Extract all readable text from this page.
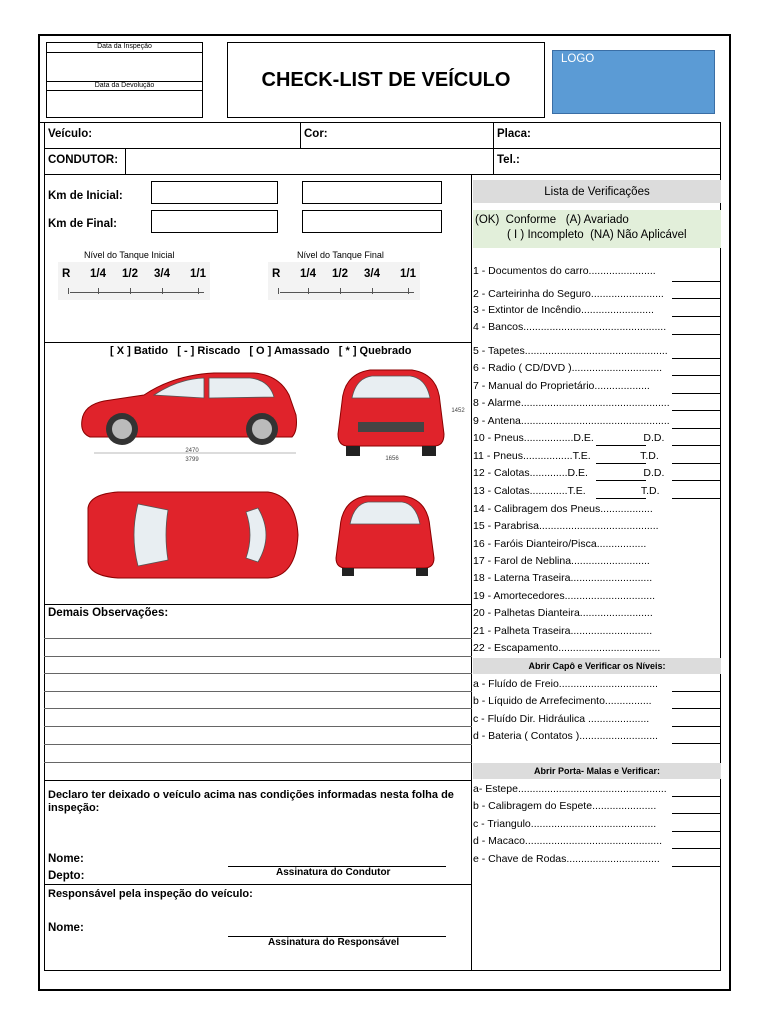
Data da Inspeção
Data da Devolução	CHECK-LIST DE VEÍCULO
LOGO
Veículo:	Cor:	Placa:
CONDUTOR:	Tel.:
Km de Inicial:
Km de Final:
Nível do Tanque Inicial	Nível do Tanque Final
R 1/4 1/2 3/4 1/1	R 1/4 1/2 3/4 1/1
[ X ] Batido   [ - ] Riscado   [ O ] Amassado   [ * ] Quebrado
2470
3799
1452
1656
Demais Observações:
Declaro ter deixado o veículo acima nas condições informadas nesta folha de inspeção:
Nome:
Depto:	Assinatura do Condutor
Responsável pela inspeção do veículo:
Nome:
Assinatura do Responsável
Lista de Verificações
(OK)  Conforme   (A) Avariado
( I ) Incompleto  (NA) Não Aplicável
1 - Documentos do carro.......................
2 - Carteirinha do Seguro.........................
3 - Extintor de Incêndio.........................
4 - Bancos.................................................
5 - Tapetes.................................................
6 - Radio ( CD/DVD )...............................
7 - Manual do Proprietário...................
8 - Alarme...................................................
9 - Antena...................................................
10 - Pneus.................D.E.                 D.D.
11 - Pneus.................T.E.                 T.D.
12 - Calotas.............D.E.                   D.D.
13 - Calotas.............T.E.                   T.D.
14 - Calibragem dos Pneus..................
15 - Parabrisa.........................................
16 - Faróis Dianteiro/Pisca.................
17 - Farol de Neblina...........................
18 - Laterna Traseira............................
19 - Amortecedores...............................
20 - Palhetas Dianteira.........................
21 - Palheta Traseira............................
22 - Escapamento...................................
Abrir Capô e Verificar os Níveis:
a - Fluído de Freio..................................
b - Líquido de Arrefecimento................
c - Fluído Dir. Hidráulica .....................
d - Bateria ( Contatos )...........................
Abrir Porta- Malas e Verificar:
a- Estepe...................................................
b - Calibragem do Espete......................
c - Triangulo...........................................
d - Macaco...............................................
e - Chave de Rodas................................
